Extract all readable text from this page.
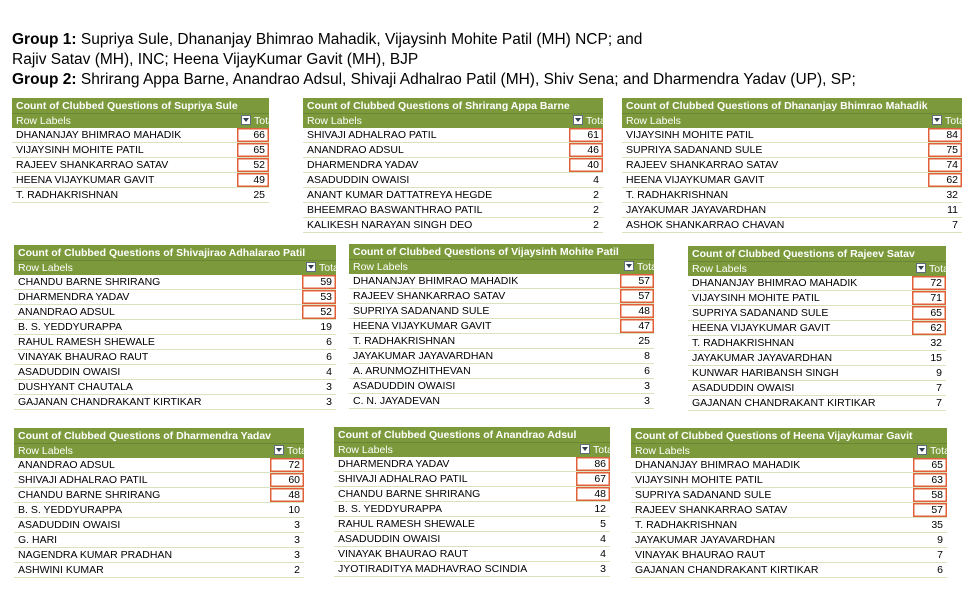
Group 1: Supriya Sule, Dhananjay Bhimrao Mahadik, Vijaysinh Mohite Patil (MH) NCP; and
Rajiv Satav (MH), INC; Heena VijayKumar Gavit (MH), BJP
Group 2: Shrirang Appa Barne, Anandrao Adsul, Shivaji Adhalrao Patil (MH), Shiv Sena; and Dharmendra Yadav (UP), SP;
Count of Clubbed Questions of Supriya Sule	
Row Labels	Total
DHANANJAY BHIMRAO MAHADIK	66
VIJAYSINH MOHITE PATIL	65
RAJEEV SHANKARRAO SATAV	52
HEENA VIJAYKUMAR GAVIT	49
T. RADHAKRISHNAN	25
Count of Clubbed Questions of Shrirang Appa Barne	
Row Labels	Total
SHIVAJI ADHALRAO PATIL	61
ANANDRAO ADSUL	46
DHARMENDRA YADAV	40
ASADUDDIN OWAISI	4
ANANT KUMAR DATTATREYA HEGDE	2
BHEEMRAO BASWANTHRAO PATIL	2
KALIKESH NARAYAN SINGH DEO	2
Count of Clubbed Questions of Dhananjay Bhimrao Mahadik	
Row Labels	Total
VIJAYSINH MOHITE PATIL	84
SUPRIYA SADANAND SULE	75
RAJEEV SHANKARRAO SATAV	74
HEENA VIJAYKUMAR GAVIT	62
T. RADHAKRISHNAN	32
JAYAKUMAR JAYAVARDHAN	11
ASHOK SHANKARRAO CHAVAN	7
Count of Clubbed Questions of Shivajirao Adhalarao Patil	
Row Labels	Total
CHANDU BARNE SHRIRANG	59
DHARMENDRA YADAV	53
ANANDRAO ADSUL	52
B. S. YEDDYURAPPA	19
RAHUL RAMESH SHEWALE	6
VINAYAK BHAURAO RAUT	6
ASADUDDIN OWAISI	4
DUSHYANT CHAUTALA	3
GAJANAN CHANDRAKANT KIRTIKAR	3
Count of Clubbed Questions of Vijaysinh Mohite Patil	
Row Labels	Total
DHANANJAY BHIMRAO MAHADIK	57
RAJEEV SHANKARRAO SATAV	57
SUPRIYA SADANAND SULE	48
HEENA VIJAYKUMAR GAVIT	47
T. RADHAKRISHNAN	25
JAYAKUMAR JAYAVARDHAN	8
A. ARUNMOZHITHEVAN	6
ASADUDDIN OWAISI	3
C. N. JAYADEVAN	3
Count of Clubbed Questions of Rajeev Satav	
Row Labels	Total
DHANANJAY BHIMRAO MAHADIK	72
VIJAYSINH MOHITE PATIL	71
SUPRIYA SADANAND SULE	65
HEENA VIJAYKUMAR GAVIT	62
T. RADHAKRISHNAN	32
JAYAKUMAR JAYAVARDHAN	15
KUNWAR HARIBANSH SINGH	9
ASADUDDIN OWAISI	7
GAJANAN CHANDRAKANT KIRTIKAR	7
Count of Clubbed Questions of Dharmendra Yadav	
Row Labels	Total
ANANDRAO ADSUL	72
SHIVAJI ADHALRAO PATIL	60
CHANDU BARNE SHRIRANG	48
B. S. YEDDYURAPPA	10
ASADUDDIN OWAISI	3
G. HARI	3
NAGENDRA KUMAR PRADHAN	3
ASHWINI KUMAR	2
Count of Clubbed Questions of Anandrao Adsul	
Row Labels	Total
DHARMENDRA YADAV	86
SHIVAJI ADHALRAO PATIL	67
CHANDU BARNE SHRIRANG	48
B. S. YEDDYURAPPA	12
RAHUL RAMESH SHEWALE	5
ASADUDDIN OWAISI	4
VINAYAK BHAURAO RAUT	4
JYOTIRADITYA MADHAVRAO SCINDIA	3
Count of Clubbed Questions of Heena Vijaykumar Gavit	
Row Labels	Total
DHANANJAY BHIMRAO MAHADIK	65
VIJAYSINH MOHITE PATIL	63
SUPRIYA SADANAND SULE	58
RAJEEV SHANKARRAO SATAV	57
T. RADHAKRISHNAN	35
JAYAKUMAR JAYAVARDHAN	9
VINAYAK BHAURAO RAUT	7
GAJANAN CHANDRAKANT KIRTIKAR	6
